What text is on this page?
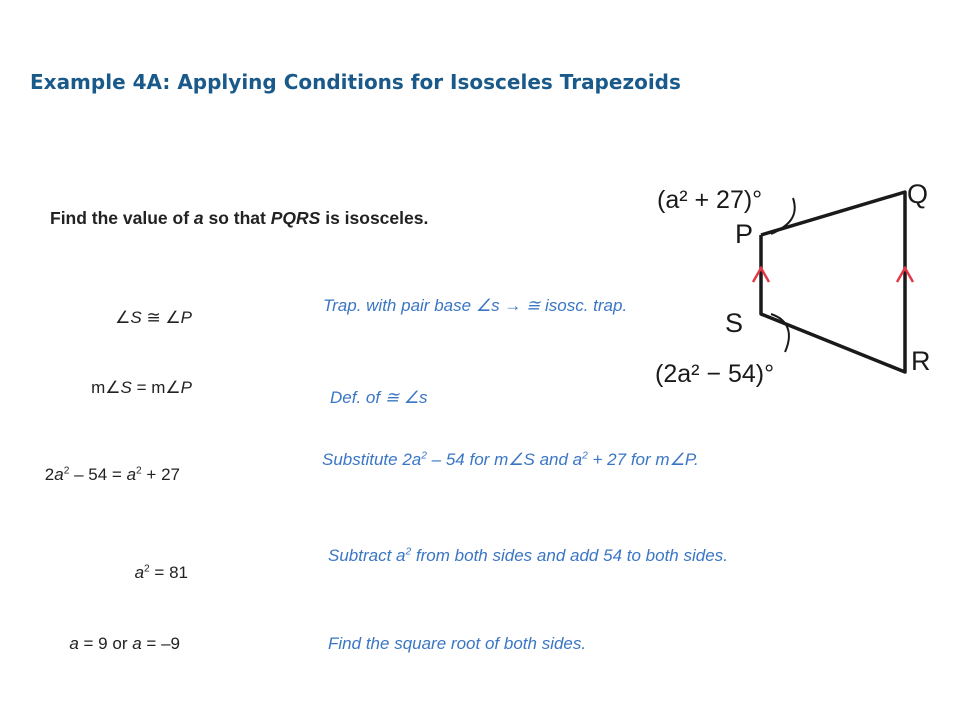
Example 4A: Applying Conditions for Isosceles Trapezoids
Find the value of a so that PQRS is isosceles.
∠S ≅ ∠P
m∠S = m∠P
$2a^2 - 54 = a^2 + 27$
$a^2 = 81$
a = 9 or a = –9
Trap. with pair base ∠s → ≅ isosc. trap.
Def. of ≅ ∠s
Substitute $2a^2 - 54$ for m∠S and $a^2 + 27$ for m∠P.
Subtract $a^2$ from both sides and add 54 to both sides.
Find the square root of both sides.
(a² + 27)°
P
Q
S
R
(2a² − 54)°
